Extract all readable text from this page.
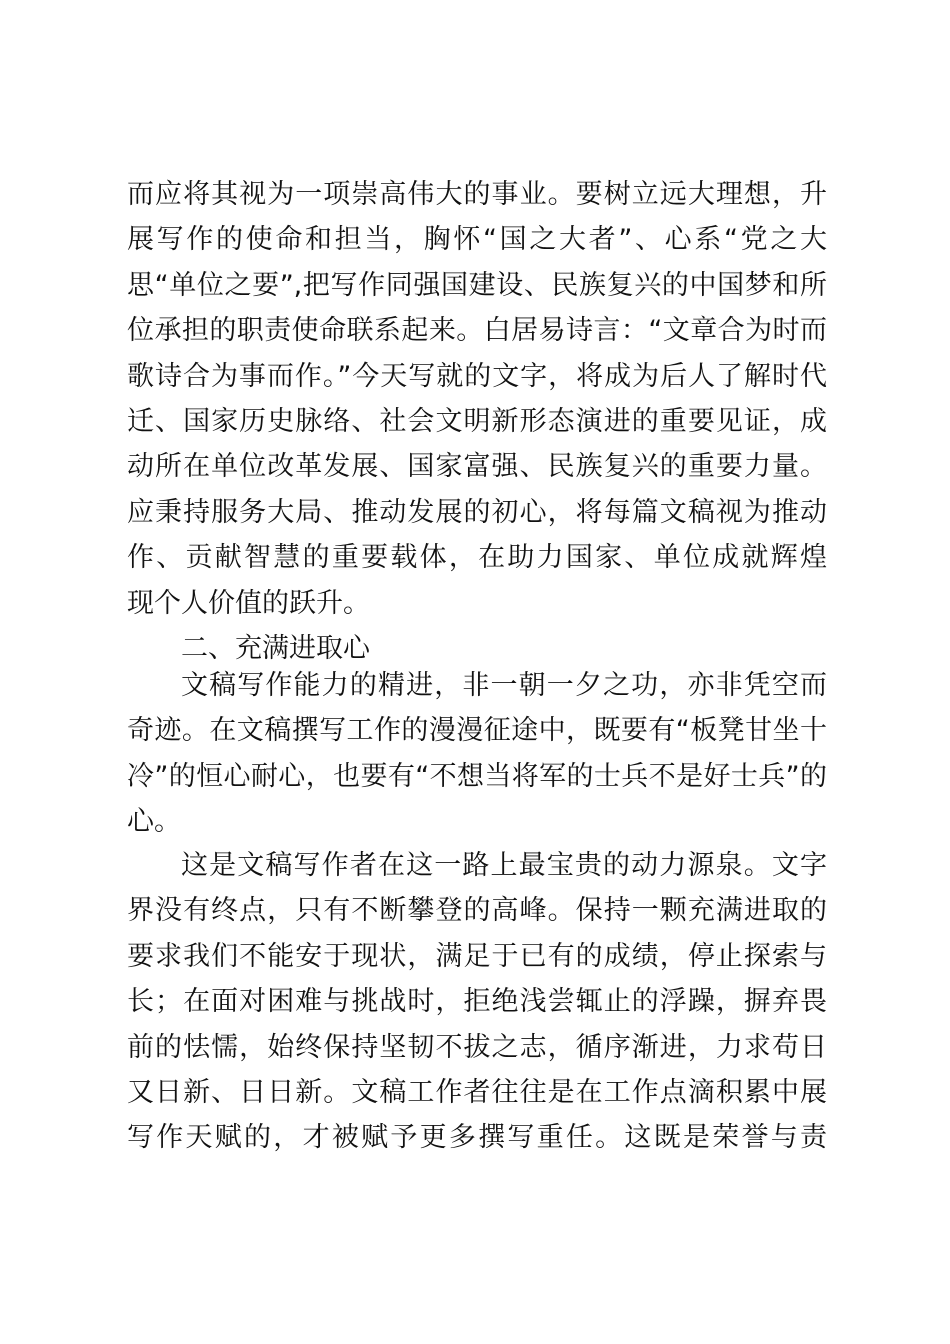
而应将其视为一项崇高伟大的事业。要树立远大理想，升
展写作的使命和担当，胸怀“国之大者”、心系“党之大
思“单位之要”,把写作同强国建设、民族复兴的中国梦和所
位承担的职责使命联系起来。白居易诗言：“文章合为时而
歌诗合为事而作。”今天写就的文字，将成为后人了解时代
迁、国家历史脉络、社会文明新形态演进的重要见证，成
动所在单位改革发展、国家富强、民族复兴的重要力量。
应秉持服务大局、推动发展的初心，将每篇文稿视为推动
作、贡献智慧的重要载体，在助力国家、单位成就辉煌
现个人价值的跃升。
二、充满进取心
文稿写作能力的精进，非一朝一夕之功，亦非凭空而
奇迹。在文稿撰写工作的漫漫征途中，既要有“板凳甘坐十
冷”的恒心耐心，也要有“不想当将军的士兵不是好士兵”的
心。
这是文稿写作者在这一路上最宝贵的动力源泉。文字
界没有终点，只有不断攀登的高峰。保持一颗充满进取的
要求我们不能安于现状，满足于已有的成绩，停止探索与
长；在面对困难与挑战时，拒绝浅尝辄止的浮躁，摒弃畏
前的怯懦，始终保持坚韧不拔之志，循序渐进，力求苟日
又日新、日日新。文稿工作者往往是在工作点滴积累中展
写作天赋的，才被赋予更多撰写重任。这既是荣誉与责
